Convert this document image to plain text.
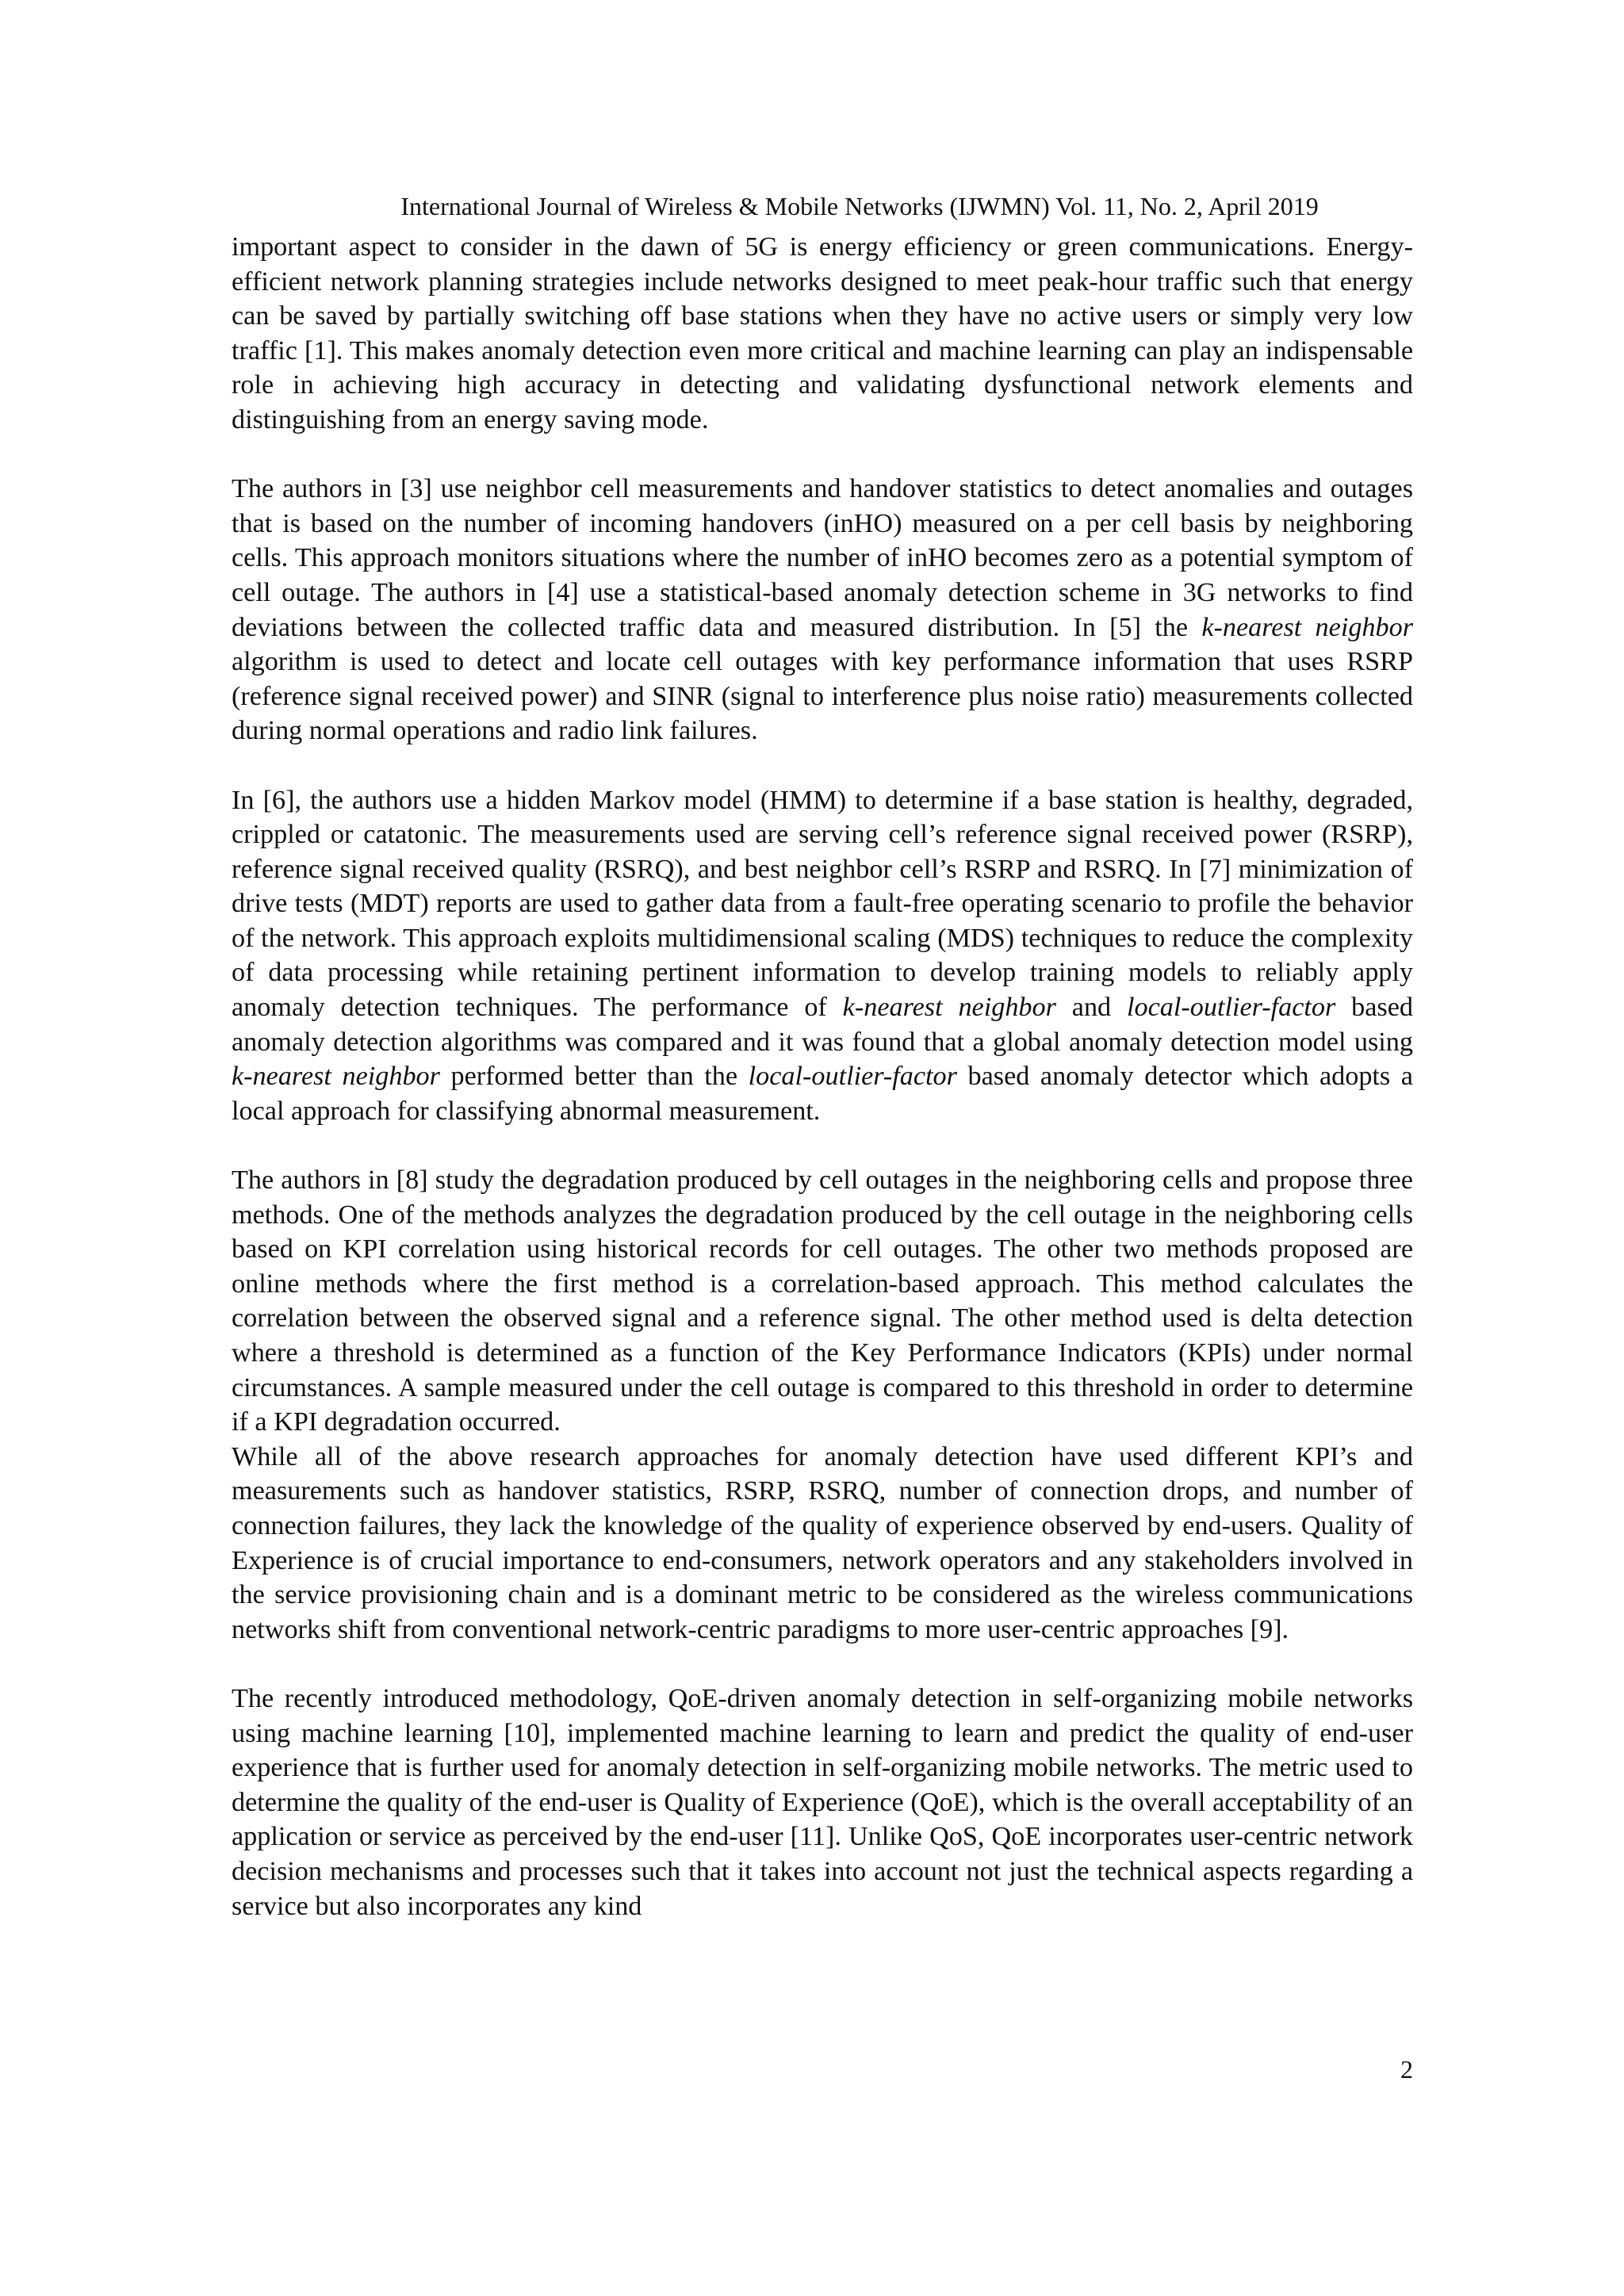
International Journal of Wireless & Mobile Networks (IJWMN) Vol. 11, No. 2, April 2019

important aspect to consider in the dawn of 5G is energy efficiency or green communications. Energy-efficient network planning strategies include networks designed to meet peak-hour traffic such that energy can be saved by partially switching off base stations when they have no active users or simply very low traffic [1]. This makes anomaly detection even more critical and machine learning can play an indispensable role in achieving high accuracy in detecting and validating dysfunctional network elements and distinguishing from an energy saving mode.

The authors in [3] use neighbor cell measurements and handover statistics to detect anomalies and outages that is based on the number of incoming handovers (inHO) measured on a per cell basis by neighboring cells. This approach monitors situations where the number of inHO becomes zero as a potential symptom of cell outage. The authors in [4] use a statistical-based anomaly detection scheme in 3G networks to find deviations between the collected traffic data and measured distribution. In [5] the k-nearest neighbor algorithm is used to detect and locate cell outages with key performance information that uses RSRP (reference signal received power) and SINR (signal to interference plus noise ratio) measurements collected during normal operations and radio link failures.

In [6], the authors use a hidden Markov model (HMM) to determine if a base station is healthy, degraded, crippled or catatonic. The measurements used are serving cell’s reference signal received power (RSRP), reference signal received quality (RSRQ), and best neighbor cell’s RSRP and RSRQ. In [7] minimization of drive tests (MDT) reports are used to gather data from a fault-free operating scenario to profile the behavior of the network. This approach exploits multidimensional scaling (MDS) techniques to reduce the complexity of data processing while retaining pertinent information to develop training models to reliably apply anomaly detection techniques. The performance of k-nearest neighbor and local-outlier-factor based anomaly detection algorithms was compared and it was found that a global anomaly detection model using k-nearest neighbor performed better than the local-outlier-factor based anomaly detector which adopts a local approach for classifying abnormal measurement.

The authors in [8] study the degradation produced by cell outages in the neighboring cells and propose three methods. One of the methods analyzes the degradation produced by the cell outage in the neighboring cells based on KPI correlation using historical records for cell outages. The other two methods proposed are online methods where the first method is a correlation-based approach. This method calculates the correlation between the observed signal and a reference signal. The other method used is delta detection where a threshold is determined as a function of the Key Performance Indicators (KPIs) under normal circumstances. A sample measured under the cell outage is compared to this threshold in order to determine if a KPI degradation occurred.

While all of the above research approaches for anomaly detection have used different KPI’s and measurements such as handover statistics, RSRP, RSRQ, number of connection drops, and number of connection failures, they lack the knowledge of the quality of experience observed by end-users. Quality of Experience is of crucial importance to end-consumers, network operators and any stakeholders involved in the service provisioning chain and is a dominant metric to be considered as the wireless communications networks shift from conventional network-centric paradigms to more user-centric approaches [9].

The recently introduced methodology, QoE-driven anomaly detection in self-organizing mobile networks using machine learning [10], implemented machine learning to learn and predict the quality of end-user experience that is further used for anomaly detection in self-organizing mobile networks. The metric used to determine the quality of the end-user is Quality of Experience (QoE), which is the overall acceptability of an application or service as perceived by the end-user [11]. Unlike QoS, QoE incorporates user-centric network decision mechanisms and processes such that it takes into account not just the technical aspects regarding a service but also incorporates any kind

2
